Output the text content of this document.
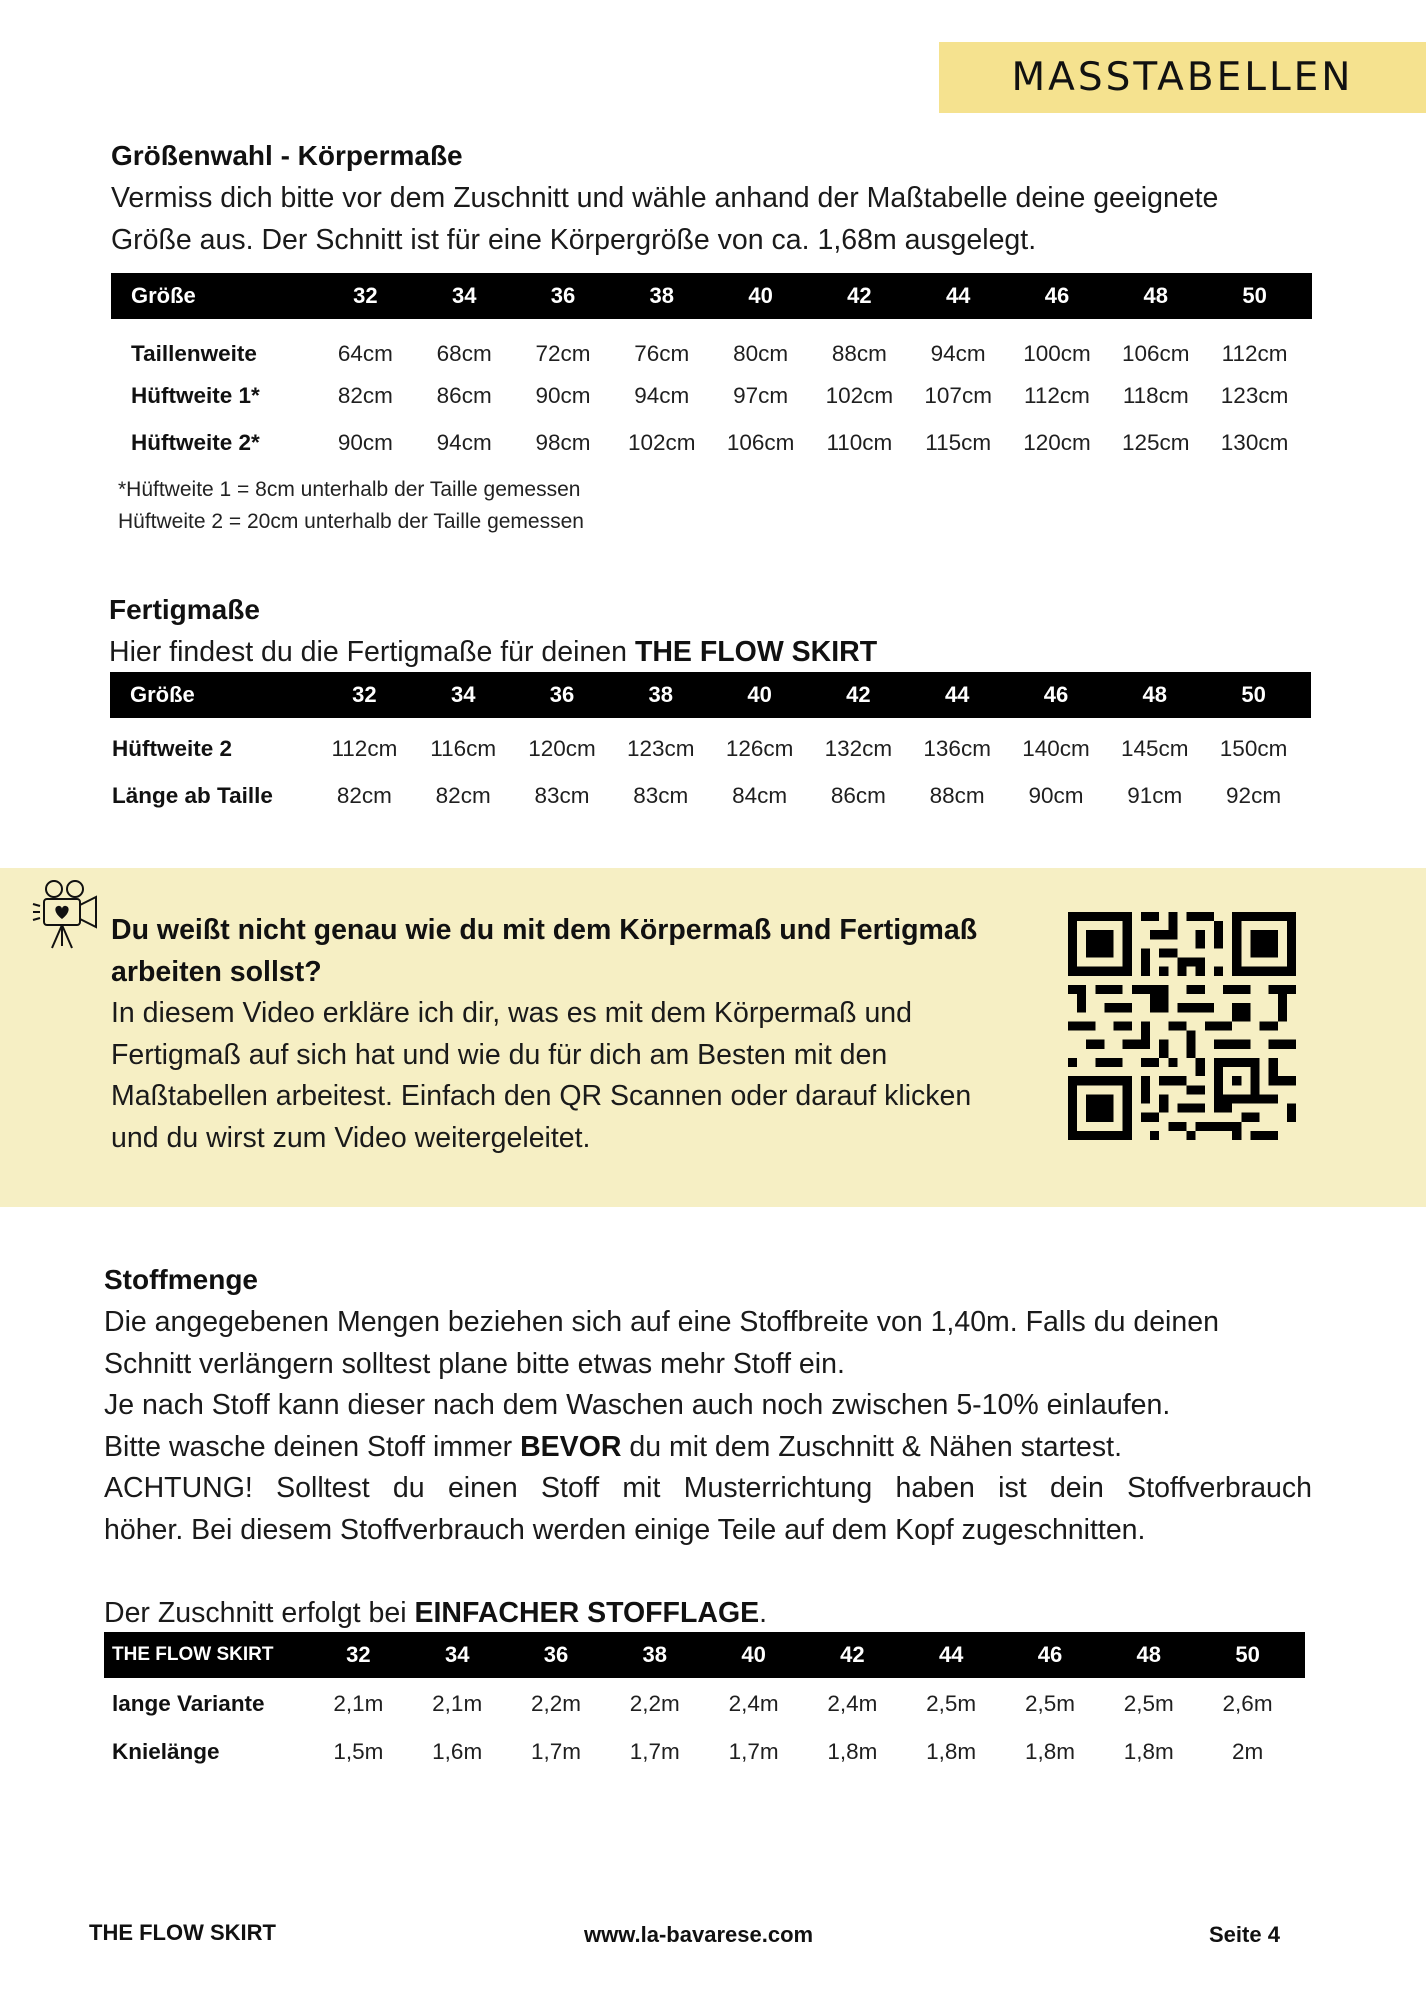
MASSTABELLEN
Größenwahl - Körpermaße
Vermiss dich bitte vor dem Zuschnitt und wähle anhand der Maßtabelle deine geeignete
Größe aus. Der Schnitt ist für eine Körpergröße von ca. 1,68m ausgelegt.
Größe	32	34	36	38	40	42	44	46	48	50
Taillenweite	64cm	68cm	72cm	76cm	80cm	88cm	94cm	100cm	106cm	112cm
Hüftweite 1*	82cm	86cm	90cm	94cm	97cm	102cm	107cm	112cm	118cm	123cm
Hüftweite 2*	90cm	94cm	98cm	102cm	106cm	110cm	115cm	120cm	125cm	130cm
*Hüftweite 1 = 8cm unterhalb der Taille gemessen
Hüftweite 2 = 20cm unterhalb der Taille gemessen
Fertigmaße
Hier findest du die Fertigmaße für deinen THE FLOW SKIRT
Größe	32	34	36	38	40	42	44	46	48	50
Hüftweite 2	112cm	116cm	120cm	123cm	126cm	132cm	136cm	140cm	145cm	150cm
Länge ab Taille	82cm	82cm	83cm	83cm	84cm	86cm	88cm	90cm	91cm	92cm
Du weißt nicht genau wie du mit dem Körpermaß und Fertigmaß
arbeiten sollst?
In diesem Video erkläre ich dir, was es mit dem Körpermaß und
Fertigmaß auf sich hat und wie du für dich am Besten mit den
Maßtabellen arbeitest. Einfach den QR Scannen oder darauf klicken
und du wirst zum Video weitergeleitet.
Stoffmenge
Die angegebenen Mengen beziehen sich auf eine Stoffbreite von 1,40m. Falls du deinen
Schnitt verlängern solltest plane bitte etwas mehr Stoff ein.
Je nach Stoff kann dieser nach dem Waschen auch noch zwischen 5-10% einlaufen.
Bitte wasche deinen Stoff immer BEVOR du mit dem Zuschnitt & Nähen startest.
ACHTUNG! Solltest du einen Stoff mit Musterrichtung haben ist dein Stoffverbrauch
höher. Bei diesem Stoffverbrauch werden einige Teile auf dem Kopf zugeschnitten.
Der Zuschnitt erfolgt bei EINFACHER STOFFLAGE.
THE FLOW SKIRT	32	34	36	38	40	42	44	46	48	50
lange Variante	2,1m	2,1m	2,2m	2,2m	2,4m	2,4m	2,5m	2,5m	2,5m	2,6m
Knielänge	1,5m	1,6m	1,7m	1,7m	1,7m	1,8m	1,8m	1,8m	1,8m	2m
THE FLOW SKIRT	www.la-bavarese.com	Seite 4
